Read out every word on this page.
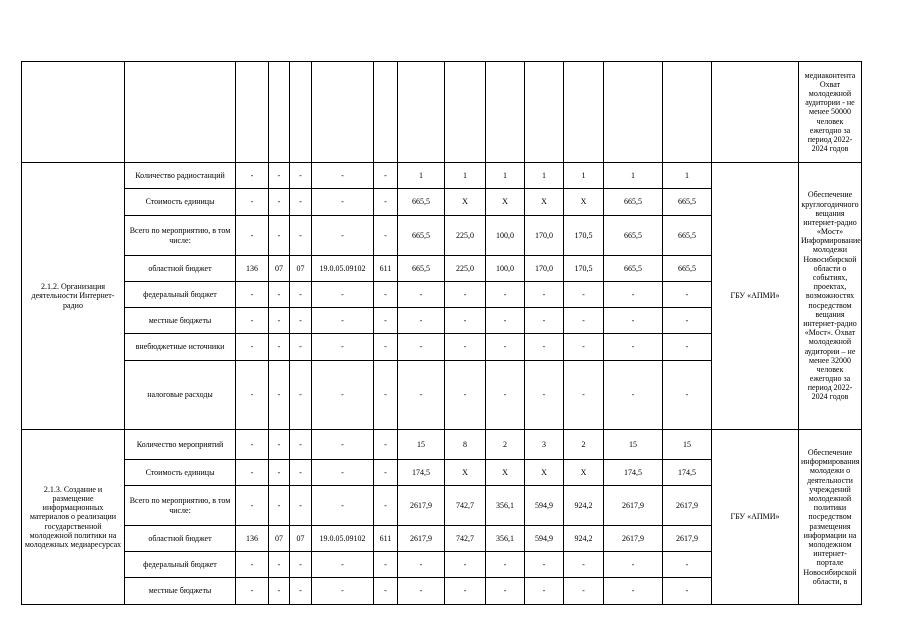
															медиаконтента Охват молодежной аудитории - не менее 50000 человек ежегодно за период 2022-2024 годов
2.1.2. Организация деятельности Интернет-радио	Количество радиостанций	-	-	-	-	-	1	1	1	1	1	1	1	ГБУ «АПМИ»	Обеспечение круглогодичного вещания интернет-радио «Мост» Информирование молодежи Новосибирской области о событиях, проектах, возможностях посредством вещания интернет-радио «Мост». Охват молодежной аудитории – не менее 32000 человек ежегодно за период 2022-2024 годов
	Стоимость единицы	-	-	-	-	-	665,5	X	X	X	X	665,5	665,5		
	Всего по мероприятию, в том числе:	-	-	-	-	-	665,5	225,0	100,0	170,0	170,5	665,5	665,5		
	областной бюджет	136	07	07	19.0.05.09102	611	665,5	225,0	100,0	170,0	170,5	665,5	665,5		
	федеральный бюджет	-	-	-	-	-	-	-	-	-	-	-	-		
	местные бюджеты	-	-	-	-	-	-	-	-	-	-	-	-		
	внебюджетные источники	-	-	-	-	-	-	-	-	-	-	-	-		
	налоговые расходы	-	-	-	-	-	-	-	-	-	-	-	-		
2.1.3. Создание и размещение информационных материалов о реализации государственной молодежной политики на молодежных медиаресурсах	Количество мероприятий	-	-	-	-	-	15	8	2	3	2	15	15	ГБУ «АПМИ»	Обеспечение информирования молодежи о деятельности учреждений молодежной политики посредством размещения информации на молодежном интернет-портале Новосибирской области, в
	Стоимость единицы	-	-	-	-	-	174,5	X	X	X	X	174,5	174,5		
	Всего по мероприятию, в том числе:	-	-	-	-	-	2617,9	742,7	356,1	594,9	924,2	2617,9	2617,9		
	областной бюджет	136	07	07	19.0.05.09102	611	2617,9	742,7	356,1	594,9	924,2	2617,9	2617,9		
	федеральный бюджет	-	-	-	-	-	-	-	-	-	-	-	-		
	местные бюджеты	-	-	-	-	-	-	-	-	-	-	-	-		
